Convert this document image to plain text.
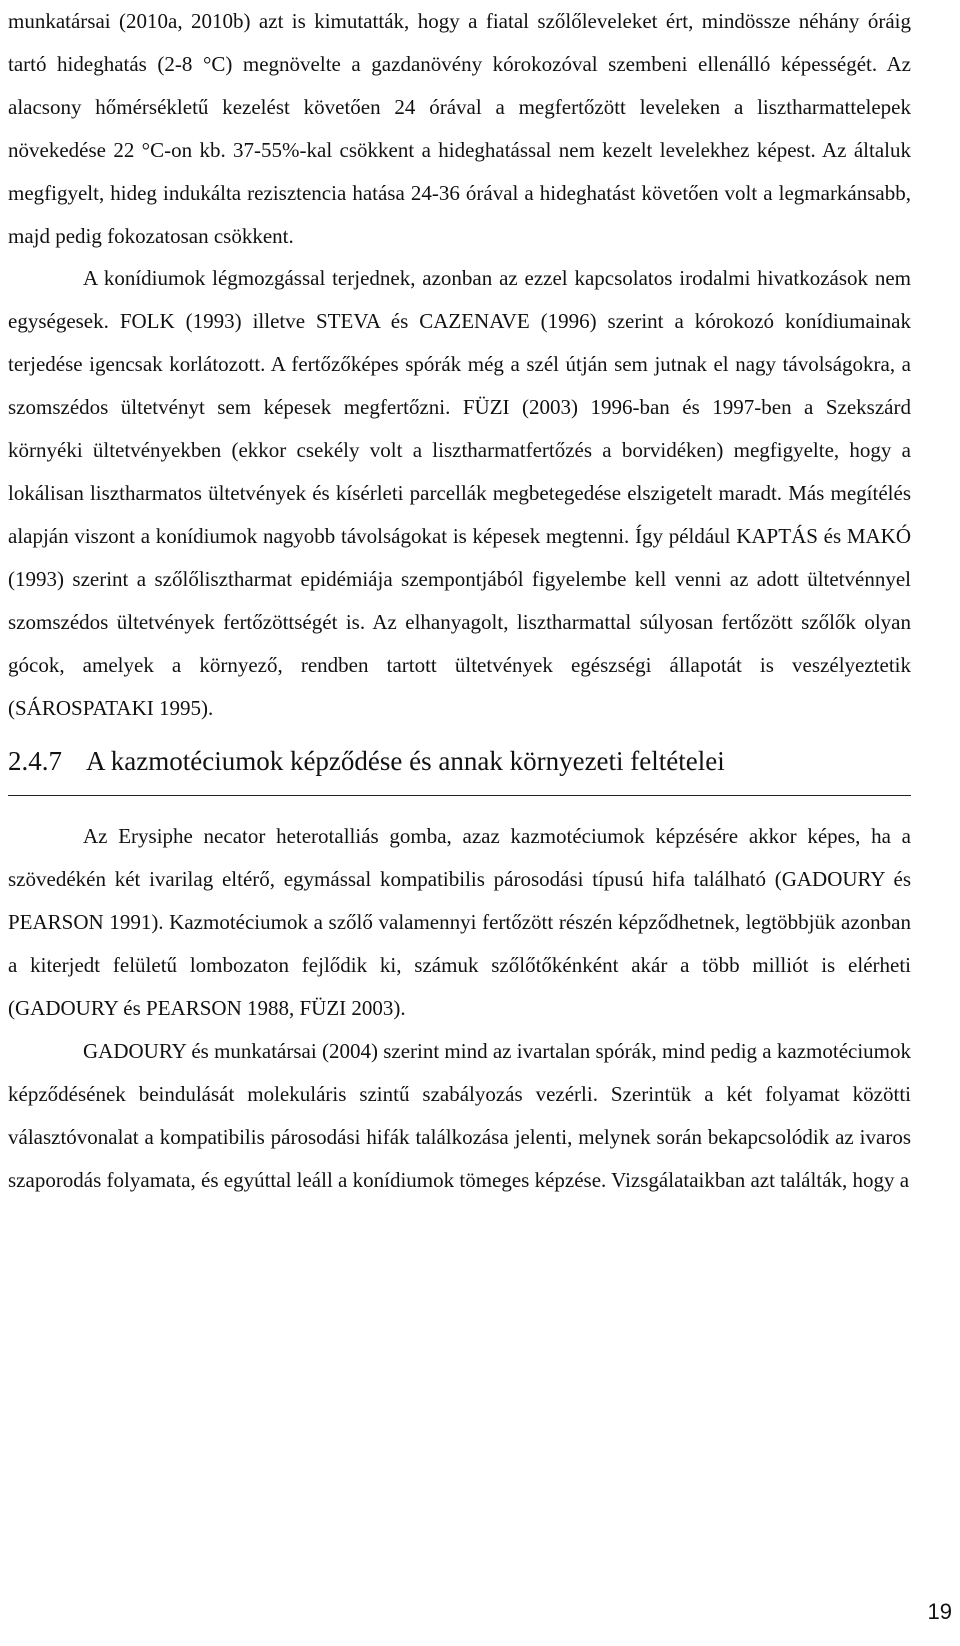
munkatársai (2010a, 2010b) azt is kimutatták, hogy a fiatal szőlőleveleket ért, mindössze néhány óráig tartó hideghatás (2-8 °C) megnövelte a gazdanövény kórokozóval szembeni ellenálló képességét. Az alacsony hőmérsékletű kezelést követően 24 órával a megfertőzött leveleken a lisztharmattelepek növekedése 22 °C-on kb. 37-55%-kal csökkent a hideghatással nem kezelt levelekhez képest. Az általuk megfigyelt, hideg indukálta rezisztencia hatása 24-36 órával a hideghatást követően volt a legmarkánsabb, majd pedig fokozatosan csökkent.

A konídiumok légmozgással terjednek, azonban az ezzel kapcsolatos irodalmi hivatkozások nem egységesek. FOLK (1993) illetve STEVA és CAZENAVE (1996) szerint a kórokozó konídiumainak terjedése igencsak korlátozott. A fertőzőképes spórák még a szél útján sem jutnak el nagy távolságokra, a szomszédos ültetvényt sem képesek megfertőzni. FÜZI (2003) 1996-ban és 1997-ben a Szekszárd környéki ültetvényekben (ekkor csekély volt a lisztharmatfertőzés a borvidéken) megfigyelte, hogy a lokálisan lisztharmatos ültetvények és kísérleti parcellák megbetegedése elszigetelt maradt. Más megítélés alapján viszont a konídiumok nagyobb távolságokat is képesek megtenni. Így például KAPTÁS és MAKÓ (1993) szerint a szőlőlisztharmat epidémiája szempontjából figyelembe kell venni az adott ültetvénnyel szomszédos ültetvények fertőzöttségét is. Az elhanyagolt, lisztharmattal súlyosan fertőzött szőlők olyan gócok, amelyek a környező, rendben tartott ültetvények egészségi állapotát is veszélyeztetik (SÁROSPATAKI 1995).

2.4.7 A kazmotéciumok képződése és annak környezeti feltételei

Az Erysiphe necator heterotalliás gomba, azaz kazmotéciumok képzésére akkor képes, ha a szövedékén két ivarilag eltérő, egymással kompatibilis párosodási típusú hifa található (GADOURY és PEARSON 1991). Kazmotéciumok a szőlő valamennyi fertőzött részén képződhetnek, legtöbbjük azonban a kiterjedt felületű lombozaton fejlődik ki, számuk szőlőtőkénként akár a több milliót is elérheti (GADOURY és PEARSON 1988, FÜZI 2003).

GADOURY és munkatársai (2004) szerint mind az ivartalan spórák, mind pedig a kazmotéciumok képződésének beindulását molekuláris szintű szabályozás vezérli. Szerintük a két folyamat közötti választóvonalat a kompatibilis párosodási hifák találkozása jelenti, melynek során bekapcsolódik az ivaros szaporodás folyamata, és egyúttal leáll a konídiumok tömeges képzése. Vizsgálataikban azt találták, hogy a

19
